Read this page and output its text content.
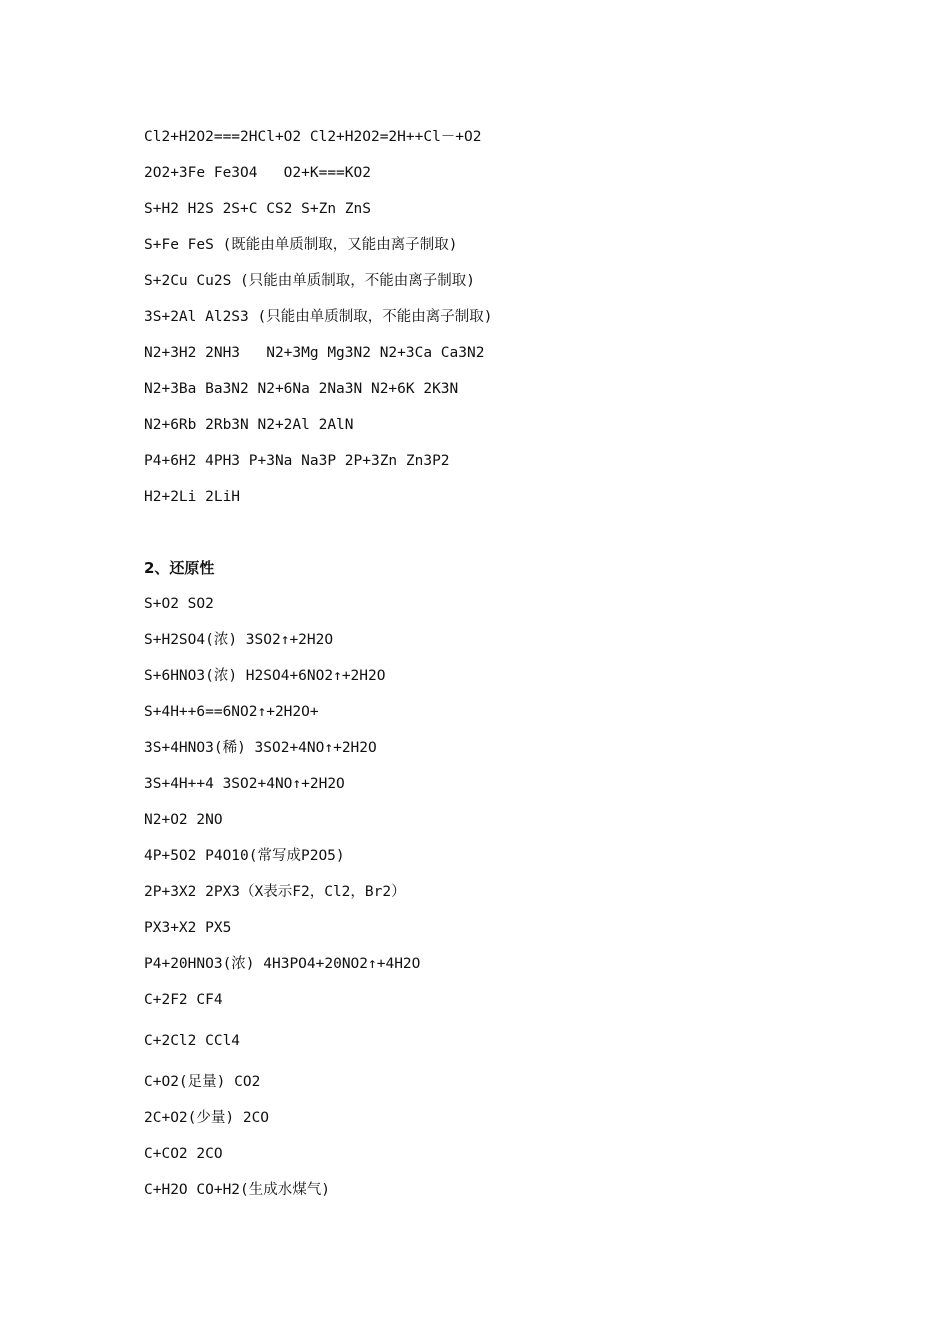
Cl2+H2O2===2HCl+O2 Cl2+H2O2=2H++Cl－+O2
2O2+3Fe Fe3O4   O2+K===KO2
S+H2 H2S 2S+C CS2 S+Zn ZnS
S+Fe FeS (既能由单质制取，又能由离子制取)
S+2Cu Cu2S (只能由单质制取，不能由离子制取)
3S+2Al Al2S3 (只能由单质制取，不能由离子制取)
N2+3H2 2NH3   N2+3Mg Mg3N2 N2+3Ca Ca3N2
N2+3Ba Ba3N2 N2+6Na 2Na3N N2+6K 2K3N
N2+6Rb 2Rb3N N2+2Al 2AlN
P4+6H2 4PH3 P+3Na Na3P 2P+3Zn Zn3P2
H2+2Li 2LiH
2、还原性
S+O2 SO2
S+H2SO4(浓) 3SO2↑+2H2O
S+6HNO3(浓) H2SO4+6NO2↑+2H2O
S+4H++6==6NO2↑+2H2O+
3S+4HNO3(稀) 3SO2+4NO↑+2H2O
3S+4H++4 3SO2+4NO↑+2H2O
N2+O2 2NO
4P+5O2 P4O10(常写成P2O5)
2P+3X2 2PX3（X表示F2，Cl2，Br2）
PX3+X2 PX5
P4+20HNO3(浓) 4H3PO4+20NO2↑+4H2O
C+2F2 CF4
C+2Cl2 CCl4
C+O2(足量) CO2
2C+O2(少量) 2CO
C+CO2 2CO
C+H2O CO+H2(生成水煤气)
